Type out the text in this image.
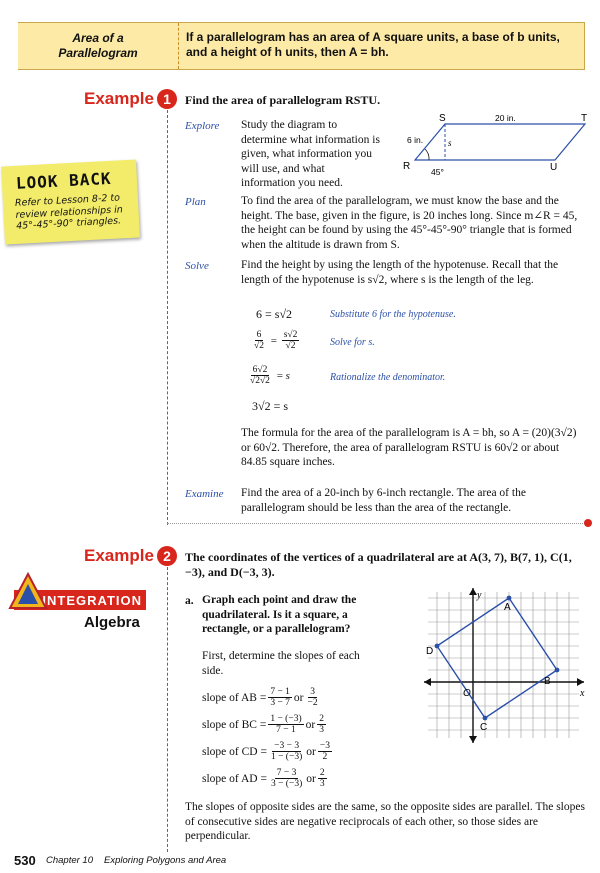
Area of a
Parallelogram
If a parallelogram has an area of A square units, a base of b units, and a height of h units, then A = bh.
Example 1	Find the area of parallelogram RSTU.
Explore Study the diagram to determine what information is given, what information you will use, and what information you need.
S	T
R	U
s
6 in.
20 in.
45°
LOOK BACK
Refer to Lesson 8-2 to review relationships in 45°-45°-90° triangles.
Plan	To find the area of the parallelogram, we must know the base and the height. The base, given in the figure, is 20 inches long. Since m∠R = 45, the height can be found by using the 45°-45°-90° triangle that is formed when the altitude is drawn from S.
Solve	Find the height by using the length of the hypotenuse. Recall that the length of the hypotenuse is s√2, where s is the length of the leg.
6 = s√2	Substitute 6 for the hypotenuse.
$\frac{6}{√2} = \frac{s√2}{√2}$	Solve for s.
$\frac{6√2}{√2√2} = s$	Rationalize the denominator.
3√2 = s
The formula for the area of the parallelogram is A = bh, so A = (20)(3√2) or 60√2. Therefore, the area of parallelogram RSTU is 60√2 or about 84.85 square inches.
Examine Find the area of a 20-inch by 6-inch rectangle. The area of the parallelogram should be less than the area of the rectangle.
Example 2	The coordinates of the vertices of a quadrilateral are at A(3, 7), B(7, 1), C(1, −3), and D(−3, 3).
INTEGRATION
Algebra
a. Graph each point and draw the quadrilateral. Is it a square, a rectangle, or a parallelogram?
First, determine the slopes of each side.
slope of AB = $\frac{7 - 1}{3 - 7}$ or $\frac{3}{-2}$
slope of BC = $\frac{1 - (-3)}{7 - 1}$ or $\frac{2}{3}$
slope of CD = $\frac{-3 - 3}{1 - (-3)}$ or $\frac{-3}{2}$
slope of AD = $\frac{7 - 3}{3 - (-3)}$ or $\frac{2}{3}$
A
B
C
D
O	x
y
The slopes of opposite sides are the same, so the opposite sides are parallel. The slopes of consecutive sides are negative reciprocals of each other, so those sides are perpendicular.
530 Chapter 10 Exploring Polygons and Area
